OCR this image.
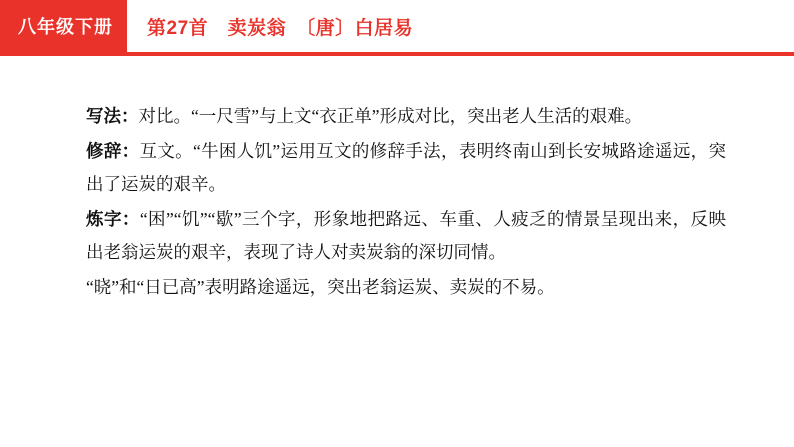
八年级下册	第27首　卖炭翁　〔唐〕白居易

写法：对比。“一尺雪”与上文“衣正单”形成对比，突出老人生活的艰难。

修辞：互文。“牛困人饥”运用互文的修辞手法，表明终南山到长安城路途遥远，突出了运炭的艰辛。

炼字：“困”“饥”“歇”三个字，形象地把路远、车重、人疲乏的情景呈现出来，反映出老翁运炭的艰辛，表现了诗人对卖炭翁的深切同情。

“晓”和“日已高”表明路途遥远，突出老翁运炭、卖炭的不易。
